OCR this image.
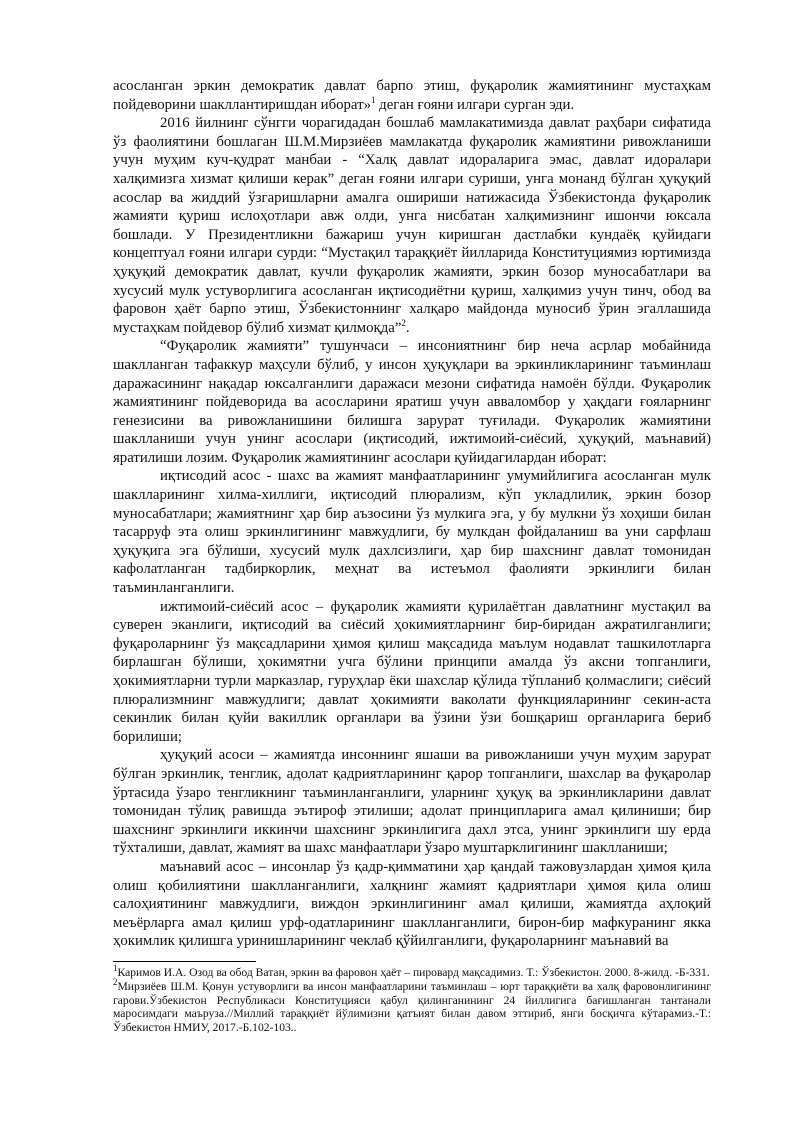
асосланган эркин демократик давлат барпо этиш, фуқаролик жамиятининг мустаҳкам пойдеворини шакллантиришдан иборат»$^1$ деган ғояни илгари сурган эди.

2016 йилнинг сўнгги чорагидадан бошлаб мамлакатимизда давлат раҳбари сифатида ўз фаолиятини бошлаган Ш.М.Мирзиёев мамлакатда фуқаролик жамиятини ривожланиши учун муҳим куч-қудрат манбаи - “Халқ давлат идораларига эмас, давлат идоралари халқимизга хизмат қилиши керак” деган ғояни илгари суриши, унга монанд бўлган ҳуқуқий асослар ва жиддий ўзгаришларни амалга ошириши натижасида Ўзбекистонда фуқаролик жамияти қуриш ислоҳотлари авж олди, унга нисбатан халқимизнинг ишончи юксала бошлади. У Президентликни бажариш учун киришган дастлабки кундаёқ қуйидаги концептуал ғояни илгари сурди: “Мустақил тараққиёт йилларида Конституциямиз юртимизда ҳуқуқий демократик давлат, кучли фуқаролик жамияти, эркин бозор муносабатлари ва хусусий мулк устуворлигига асосланган иқтисодиётни қуриш, халқимиз учун тинч, обод ва фаровон ҳаёт барпо этиш, Ўзбекистоннинг халқаро майдонда муносиб ўрин эгаллашида мустаҳкам пойдевор бўлиб хизмат қилмоқда”$^2$.

“Фуқаролик жамияти” тушунчаси – инсониятнинг бир неча асрлар мобайнида шаклланган тафаккур маҳсули бўлиб, у инсон ҳуқуқлари ва эркинликларининг таъминлаш даражасининг нақадар юксалганлиги даражаси мезони сифатида намоён бўлди. Фуқаролик жамиятининг пойдеворида ва асосларини яратиш учун авваломбор у ҳақдаги ғояларнинг генезисини ва ривожланишини билишга зарурат туғилади. Фуқаролик жамиятини шаклланиши учун унинг асослари (иқтисодий, ижтимоий-сиёсий, ҳуқуқий, маънавий) яратилиши лозим. Фуқаролик жамиятининг асослари қуйидагилардан иборат:

иқтисодий асос - шахс ва жамият манфаатларининг умумийлигига асосланган мулк шаклларининг хилма-хиллиги, иқтисодий плюрализм, кўп укладлилик, эркин бозор муносабатлари; жамиятнинг ҳар бир аъзосини ўз мулкига эга, у бу мулкни ўз хоҳиши билан тасарруф эта олиш эркинлигининг мавжудлиги, бу мулкдан фойдаланиш ва уни сарфлаш ҳуқуқига эга бўлиши, хусусий мулк дахлсизлиги, ҳар бир шахснинг давлат томонидан кафолатланган тадбиркорлик, меҳнат ва истеъмол фаолияти эркинлиги билан таъминланганлиги.

ижтимоий-сиёсий асос – фуқаролик жамияти қурилаётган давлатнинг мустақил ва суверен эканлиги, иқтисодий ва сиёсий ҳокимиятларнинг бир-биридан ажратилганлиги; фуқароларнинг ўз мақсадларини ҳимоя қилиш мақсадида маълум нодавлат ташкилотларга бирлашган бўлиши, ҳокимятни учга бўлини принципи амалда ўз аксни топганлиги, ҳокимиятларни турли марказлар, гуруҳлар ёки шахслар қўлида тўпланиб қолмаслиги; сиёсий плюрализмнинг мавжудлиги; давлат ҳокимияти ваколати функцияларининг секин-аста секинлик билан қуйи вакиллик органлари ва ўзини ўзи бошқариш органларига бериб борилиши;

ҳуқуқий асоси – жамиятда инсоннинг яшаши ва ривожланиши учун муҳим зарурат бўлган эркинлик, тенглик, адолат қадриятларининг қарор топганлиги, шахслар ва фуқаролар ўртасида ўзаро тенгликнинг таъминланганлиги, уларнинг ҳуқуқ ва эркинликларини давлат томонидан тўлиқ равишда эътироф этилиши; адолат принципларига амал қилиниши; бир шахснинг эркинлиги иккинчи шахснинг эркинлигига дахл этса, унинг эркинлиги шу ерда тўхталиши, давлат, жамият ва шахс манфаатлари ўзаро муштарклигининг шаклланиши;

маънавий асос – инсонлар ўз қадр-қимматини ҳар қандай тажовузлардан ҳимоя қила олиш қобилиятини шаклланганлиги, халқнинг жамият қадриятлари ҳимоя қила олиш салоҳиятининг мавжудлиги, виждон эркинлигининг амал қилиши, жамиятда аҳлоқий меъёрларга амал қилиш урф-одатларининг шаклланганлиги, бирон-бир мафкуранинг якка ҳокимлик қилишга уринишларининг чеклаб қўйилганлиги, фуқароларнинг маънавий ва

$^1$Каримов И.А. Озод ва обод Ватан, эркин ва фаровон ҳаёт – пировард мақсадимиз. Т.: Ўзбекистон. 2000. 8-жилд. -Б-331.

$^2$Мирзиёев Ш.М. Қонун устуворлиги ва инсон манфаатларини таъминлаш – юрт тараққиёти ва халқ фаровонлигининг гарови.Ўзбекистон Республикаси Конституцияси қабул қилинганининг 24 йиллигига бағишланган тантанали маросимдаги маъруза.//Миллий тараққиёт йўлимизни қатъият билан давом эттириб, янги босқичга кўтарамиз.-Т.: Ўзбекистон НМИУ, 2017.-Б.102-103..
